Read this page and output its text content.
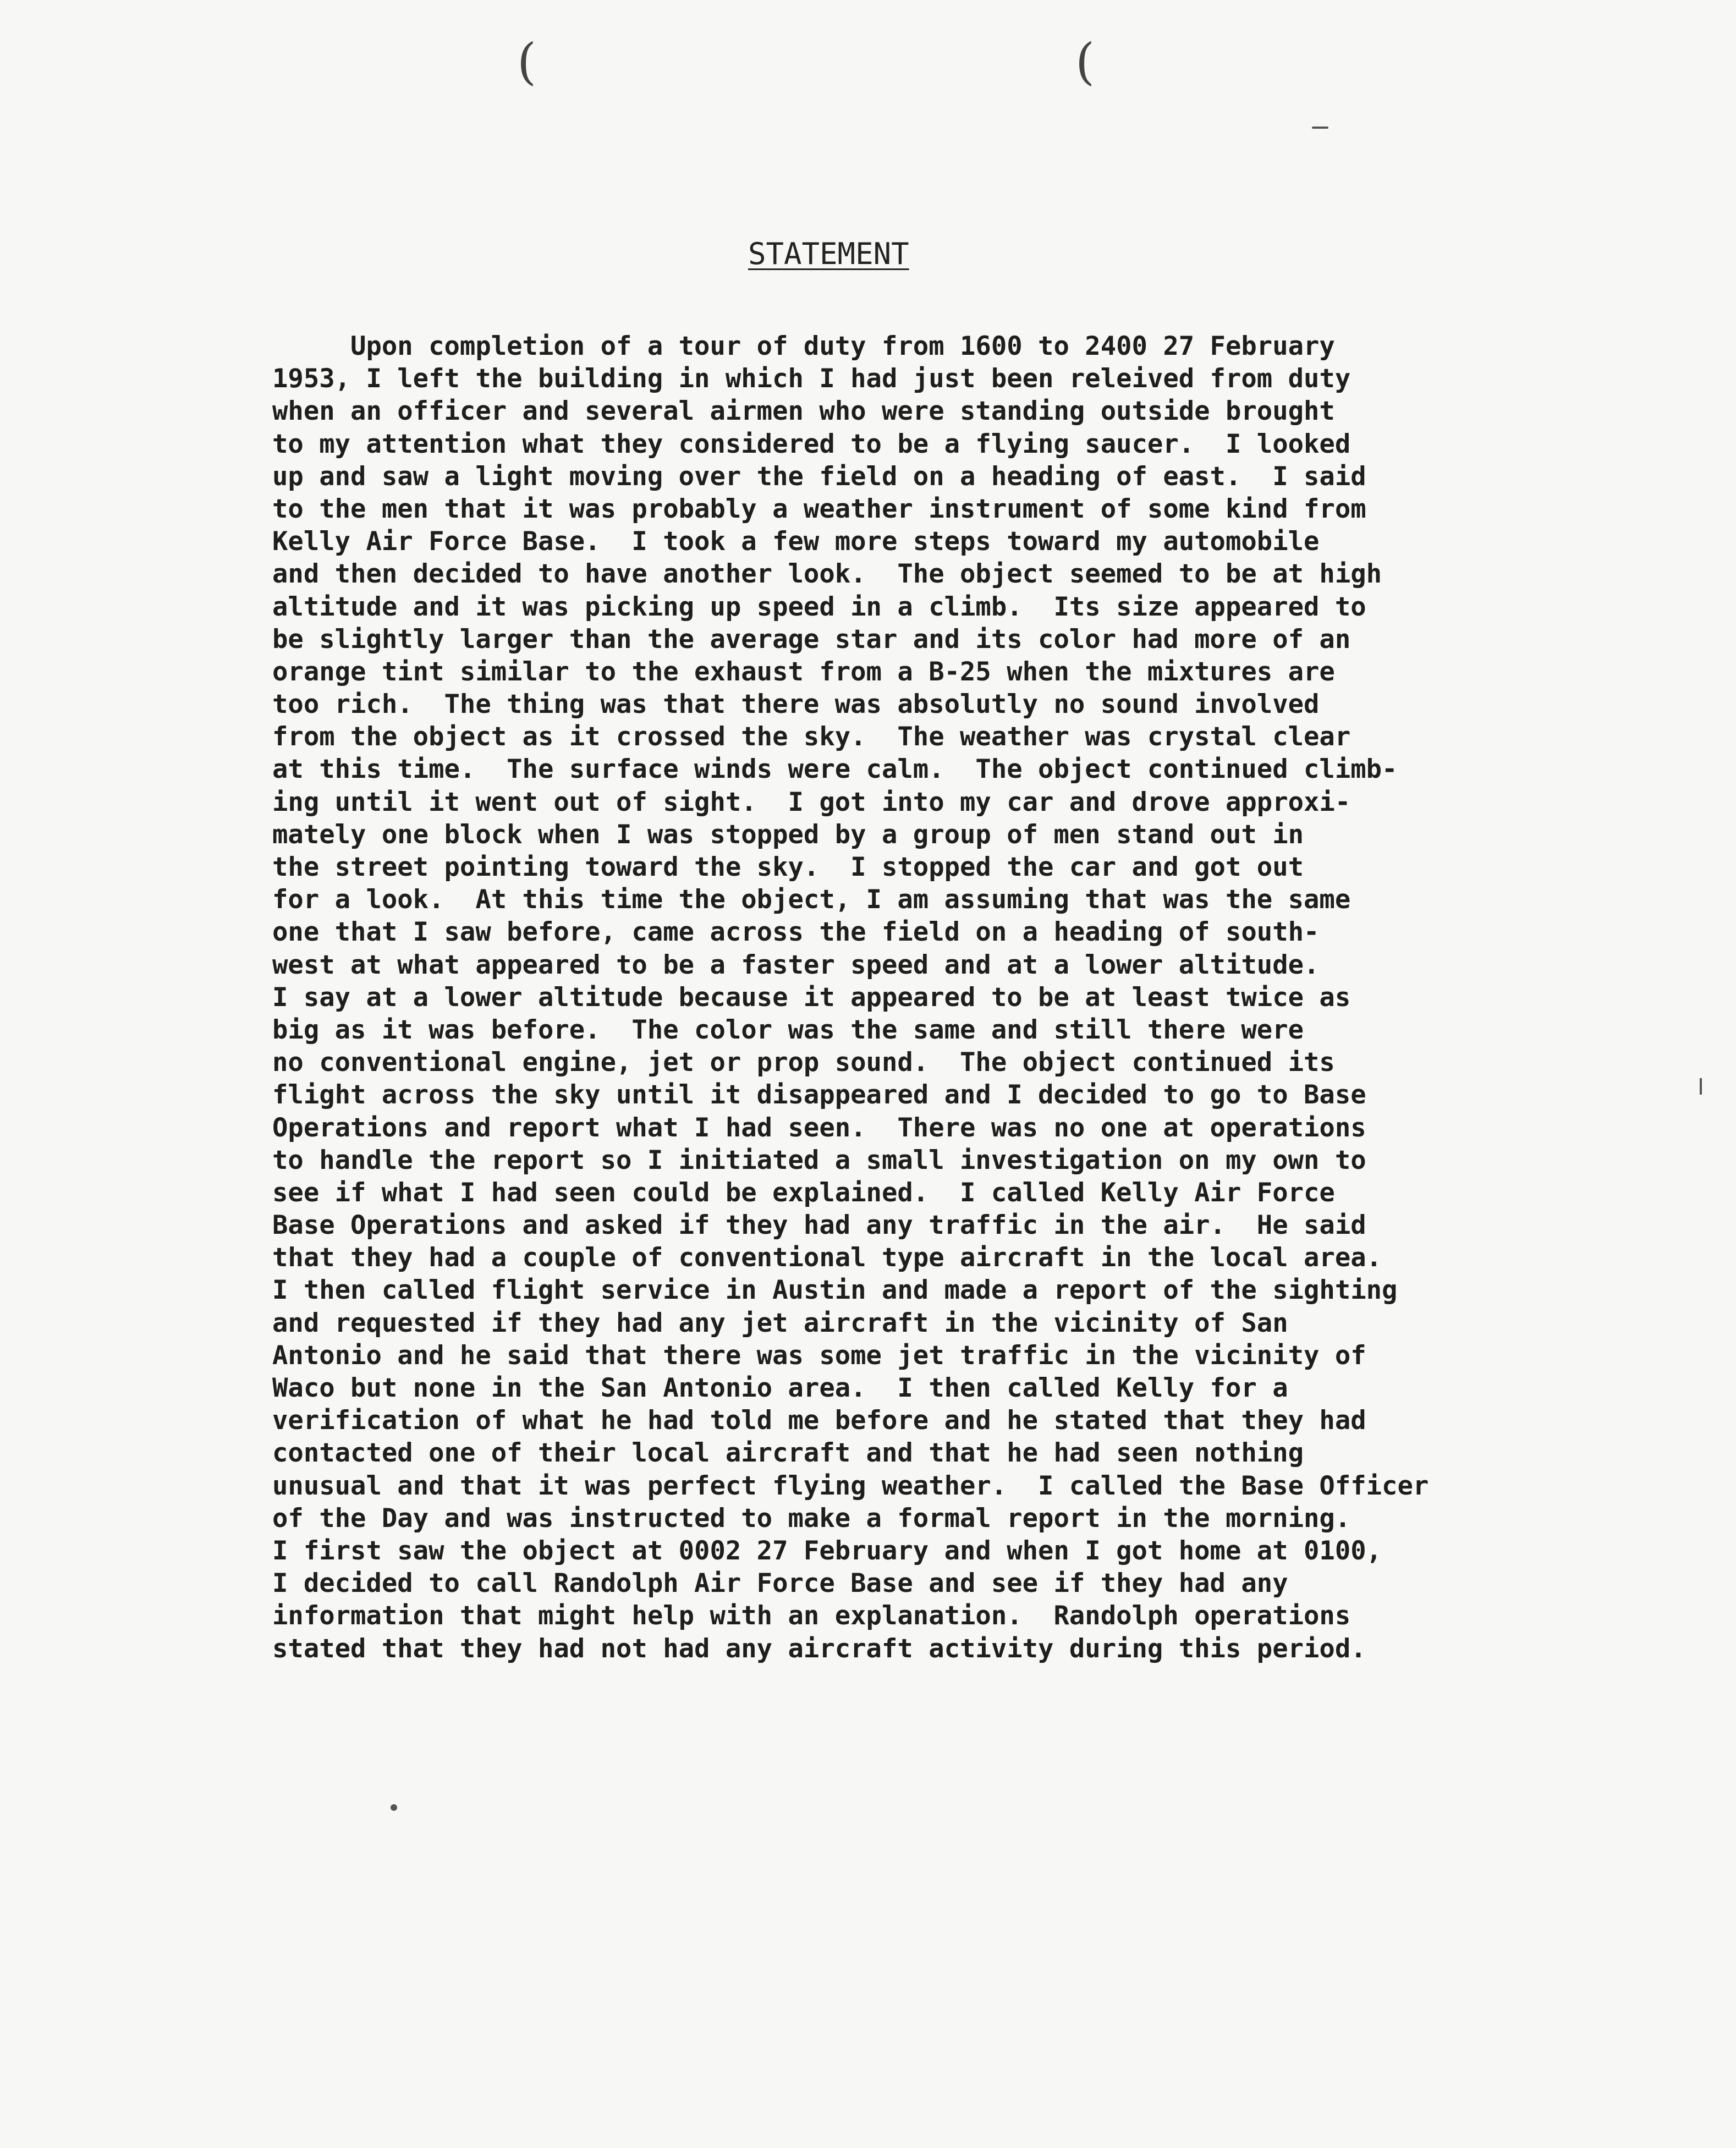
(	(
STATEMENT
Upon completion of a tour of duty from 1600 to 2400 27 February
1953, I left the building in which I had just been releived from duty
when an officer and several airmen who were standing outside brought
to my attention what they considered to be a flying saucer.  I looked
up and saw a light moving over the field on a heading of east.  I said
to the men that it was probably a weather instrument of some kind from
Kelly Air Force Base.  I took a few more steps toward my automobile
and then decided to have another look.  The object seemed to be at high
altitude and it was picking up speed in a climb.  Its size appeared to
be slightly larger than the average star and its color had more of an
orange tint similar to the exhaust from a B-25 when the mixtures are
too rich.  The thing was that there was absolutly no sound involved
from the object as it crossed the sky.  The weather was crystal clear
at this time.  The surface winds were calm.  The object continued climb-
ing until it went out of sight.  I got into my car and drove approxi-
mately one block when I was stopped by a group of men stand out in
the street pointing toward the sky.  I stopped the car and got out
for a look.  At this time the object, I am assuming that was the same
one that I saw before, came across the field on a heading of south-
west at what appeared to be a faster speed and at a lower altitude.
I say at a lower altitude because it appeared to be at least twice as
big as it was before.  The color was the same and still there were
no conventional engine, jet or prop sound.  The object continued its
flight across the sky until it disappeared and I decided to go to Base
Operations and report what I had seen.  There was no one at operations
to handle the report so I initiated a small investigation on my own to
see if what I had seen could be explained.  I called Kelly Air Force
Base Operations and asked if they had any traffic in the air.  He said
that they had a couple of conventional type aircraft in the local area.
I then called flight service in Austin and made a report of the sighting
and requested if they had any jet aircraft in the vicinity of San
Antonio and he said that there was some jet traffic in the vicinity of
Waco but none in the San Antonio area.  I then called Kelly for a
verification of what he had told me before and he stated that they had
contacted one of their local aircraft and that he had seen nothing
unusual and that it was perfect flying weather.  I called the Base Officer
of the Day and was instructed to make a formal report in the morning.
I first saw the object at 0002 27 February and when I got home at 0100,
I decided to call Randolph Air Force Base and see if they had any
information that might help with an explanation.  Randolph operations
stated that they had not had any aircraft activity during this period.
